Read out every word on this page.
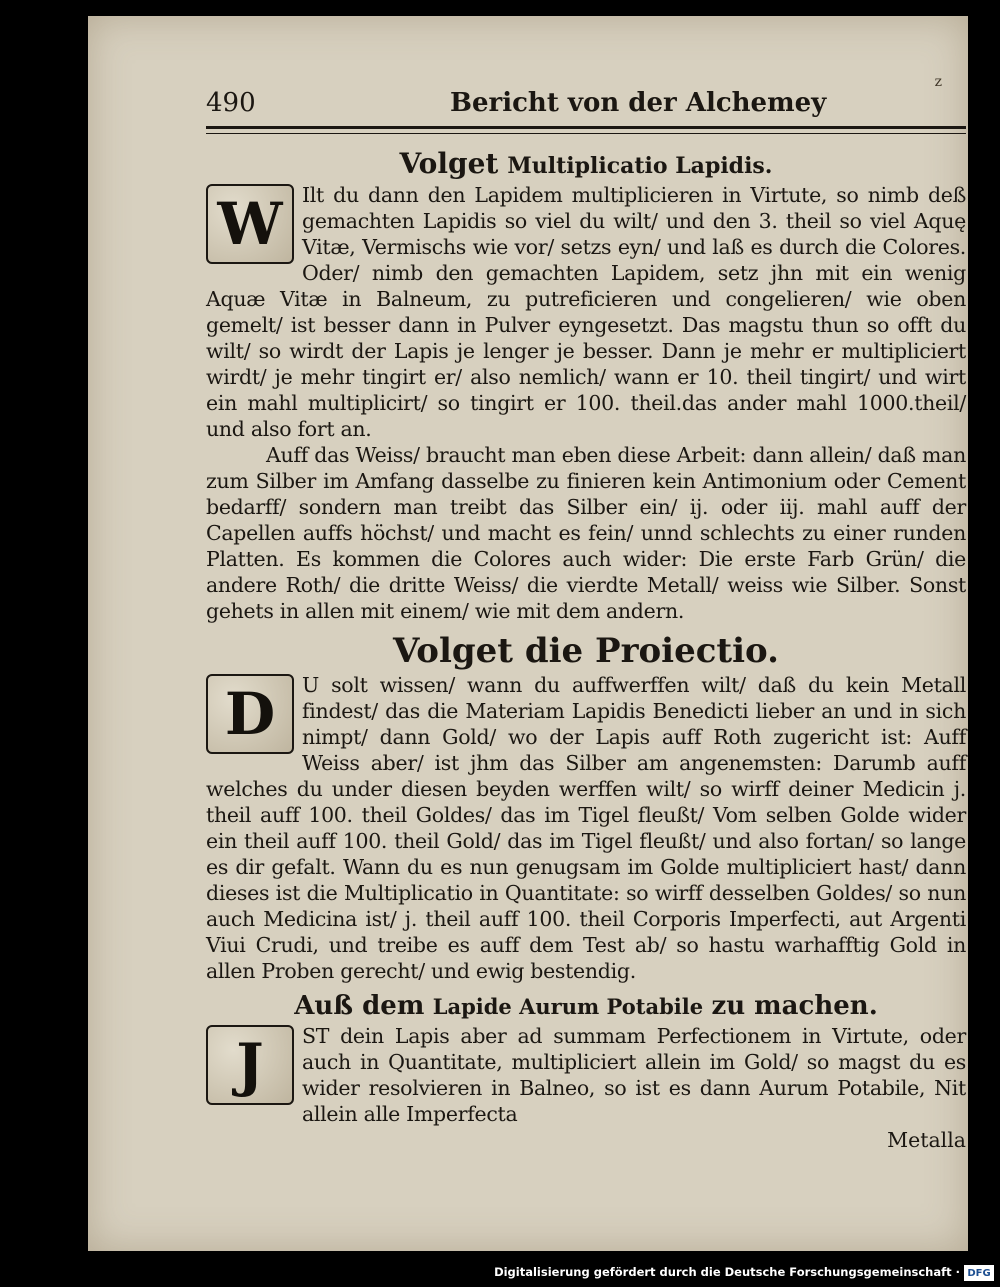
z
490	Bericht von der Alchemey
Volget Multiplicatio Lapidis.
W Ilt du dann den Lapidem multiplicieren in Virtute, so nimb deß gemachten Lapidis so viel du wilt/ und den 3. theil so viel Aquę Vitæ, Vermischs wie vor/ setzs eyn/ und laß es durch die Colores. Oder/ nimb den gemachten Lapidem, setz jhn mit ein wenig Aquæ Vitæ in Balneum, zu putreficieren und congelieren/ wie oben gemelt/ ist besser dann in Pulver eyngesetzt. Das magstu thun so offt du wilt/ so wirdt der Lapis je lenger je besser. Dann je mehr er multipliciert wirdt/ je mehr tingirt er/ also nemlich/ wann er 10. theil tingirt/ und wirt ein mahl multiplicirt/ so tingirt er 100. theil.das ander mahl 1000.theil/ und also fort an.

Auff das Weiss/ braucht man eben diese Arbeit: dann allein/ daß man zum Silber im Amfang dasselbe zu finieren kein Antimonium oder Cement bedarff/ sondern man treibt das Silber ein/ ij. oder iij. mahl auff der Capellen auffs höchst/ und macht es fein/ unnd schlechts zu einer runden Platten. Es kommen die Colores auch wider: Die erste Farb Grün/ die andere Roth/ die dritte Weiss/ die vierdte Metall/ weiss wie Silber. Sonst gehets in allen mit einem/ wie mit dem andern.

Volget die Proiectio.
D	U solt wissen/ wann du auffwerffen wilt/ daß du kein Metall findest/ das die Materiam Lapidis Benedicti lieber an und in sich nimpt/ dann Gold/ wo der Lapis auff Roth zugericht ist: Auff Weiss aber/ ist jhm das Silber am angenemsten: Darumb auff welches du under diesen beyden werffen wilt/ so wirff deiner Medicin j. theil auff 100. theil Goldes/ das im Tigel fleußt/ Vom selben Golde wider ein theil auff 100. theil Gold/ das im Tigel fleußt/ und also fortan/ so lange es dir gefalt. Wann du es nun genugsam im Golde multipliciert hast/ dann dieses ist die Multiplicatio in Quantitate: so wirff desselben Goldes/ so nun auch Medicina ist/ j. theil auff 100. theil Corporis Imperfecti, aut Argenti Viui Crudi, und treibe es auff dem Test ab/ so hastu warhafftig Gold in allen Proben gerecht/ und ewig bestendig.

Auß dem Lapide Aurum Potabile zu machen.
J	ST dein Lapis aber ad summam Perfectionem in Virtute, oder auch in Quantitate, multipliciert allein im Gold/ so magst du es wider resolvieren in Balneo, so ist es dann Aurum Potabile, Nit allein alle Imperfecta

Metalla

Digitalisierung gefördert durch die Deutsche Forschungsgemeinschaft · DFG
